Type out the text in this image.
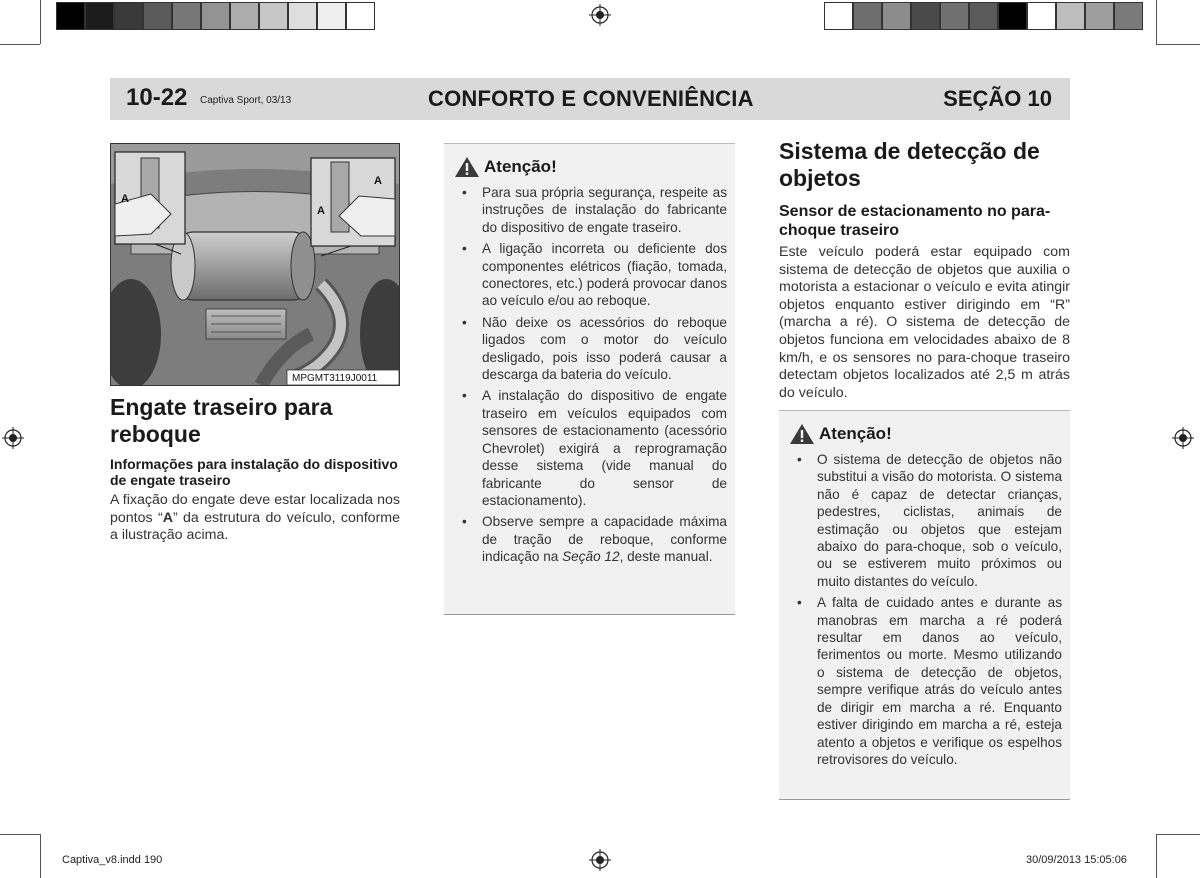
10-22 Captiva Sport, 03/13	CONFORTO E CONVENIÊNCIA	SEÇÃO 10
A
A
A
MPGMT3119J0011
Engate traseiro para reboque
Informações para instalação do dispositivo de engate traseiro

A fixação do engate deve estar localizada nos pontos “A” da estrutura do veículo, conforme a ilustração acima.

Atenção!
• Para sua própria segurança, respeite as instruções de instalação do fabricante do dispositivo de engate traseiro.
• A ligação incorreta ou deficiente dos componentes elétricos (fiação, tomada, conectores, etc.) poderá provocar danos ao veículo e/ou ao reboque.
• Não deixe os acessórios do reboque ligados com o motor do veículo desligado, pois isso poderá causar a descarga da bateria do veículo.
• A instalação do dispositivo de engate traseiro em veículos equipados com sensores de estacionamento (acessório Chevrolet) exigirá a reprogramação desse sistema (vide manual do fabricante do sensor de estacionamento).
• Observe sempre a capacidade máxima de tração de reboque, conforme indicação na Seção 12, deste manual.
Sistema de detecção de objetos
Sensor de estacionamento no para-choque traseiro

Este veículo poderá estar equipado com sistema de detecção de objetos que auxilia o motorista a estacionar o veículo e evita atingir objetos enquanto estiver dirigindo em “R” (marcha a ré). O sistema de detecção de objetos funciona em velocidades abaixo de 8 km/h, e os sensores no para-choque traseiro detectam objetos localizados até 2,5 m atrás do veículo.

Atenção!
• O sistema de detecção de objetos não substitui a visão do motorista. O sistema não é capaz de detectar crianças, pedestres, ciclistas, animais de estimação ou objetos que estejam abaixo do para-choque, sob o veículo, ou se estiverem muito próximos ou muito distantes do veículo.
• A falta de cuidado antes e durante as manobras em marcha a ré poderá resultar em danos ao veículo, ferimentos ou morte. Mesmo utilizando o sistema de detecção de objetos, sempre verifique atrás do veículo antes de dirigir em marcha a ré. Enquanto estiver dirigindo em marcha a ré, esteja atento a objetos e verifique os espelhos retrovisores do veículo.
Captiva_v8.indd 190	30/09/2013 15:05:06
